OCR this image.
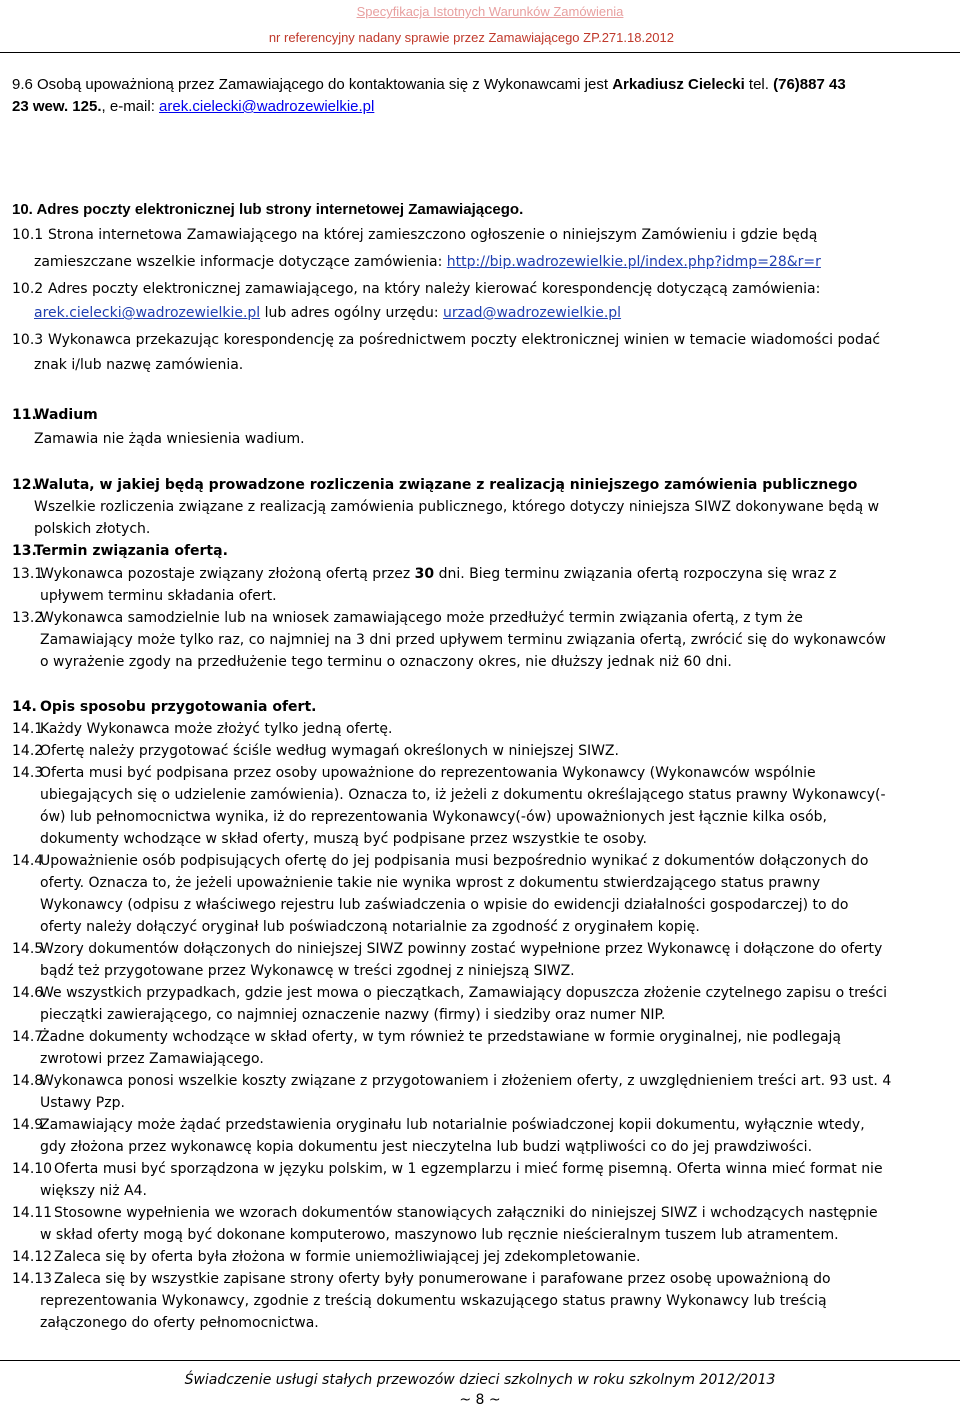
Specyfikacja Istotnych Warunków Zamówienia
nr referencyjny nadany sprawie przez Zamawiającego ZP.271.18.2012
9.6 Osobą upoważnioną przez Zamawiającego do kontaktowania się z Wykonawcami jest Arkadiusz Cielecki tel. (76)887 43
23 wew. 125., e-mail: arek.cielecki@wadrozewielkie.pl
10. Adres poczty elektronicznej lub strony internetowej Zamawiającego.
10.1 Strona internetowa Zamawiającego na której zamieszczono ogłoszenie o niniejszym Zamówieniu i gdzie będą
zamieszczane wszelkie informacje dotyczące zamówienia: http://bip.wadrozewielkie.pl/index.php?idmp=28&r=r
10.2 Adres poczty elektronicznej zamawiającego, na który należy kierować korespondencję dotyczącą zamówienia:
arek.cielecki@wadrozewielkie.pl lub adres ogólny urzędu: urzad@wadrozewielkie.pl
10.3 Wykonawca przekazując korespondencję za pośrednictwem poczty elektronicznej winien w temacie wiadomości podać
znak i/lub nazwę zamówienia.
11.
Wadium
Zamawia nie żąda wniesienia wadium.
12.
Waluta, w jakiej będą prowadzone rozliczenia związane z realizacją niniejszego zamówienia publicznego
Wszelkie rozliczenia związane z realizacją zamówienia publicznego, którego dotyczy niniejsza SIWZ dokonywane będą w
polskich złotych.
13.
Termin związania ofertą.
13.1
Wykonawca pozostaje związany złożoną ofertą przez 30 dni. Bieg terminu związania ofertą rozpoczyna się wraz z
upływem terminu składania ofert.
13.2
Wykonawca samodzielnie lub na wniosek zamawiającego może przedłużyć termin związania ofertą, z tym że
Zamawiający może tylko raz, co najmniej na 3 dni przed upływem terminu związania ofertą, zwrócić się do wykonawców
o wyrażenie zgody na przedłużenie tego terminu o oznaczony okres, nie dłuższy jednak niż 60 dni.
14. Opis sposobu przygotowania ofert.
14.1
Każdy Wykonawca może złożyć tylko jedną ofertę.
14.2
Ofertę należy przygotować ściśle według wymagań określonych w niniejszej SIWZ.
14.3
Oferta musi być podpisana przez osoby upoważnione do reprezentowania Wykonawcy (Wykonawców wspólnie
ubiegających się o udzielenie zamówienia). Oznacza to, iż jeżeli z dokumentu określającego status prawny Wykonawcy(-
ów) lub pełnomocnictwa wynika, iż do reprezentowania Wykonawcy(-ów) upoważnionych jest łącznie kilka osób,
dokumenty wchodzące w skład oferty, muszą być podpisane przez wszystkie te osoby.
14.4
Upoważnienie osób podpisujących ofertę do jej podpisania musi bezpośrednio wynikać z dokumentów dołączonych do
oferty. Oznacza to, że jeżeli upoważnienie takie nie wynika wprost z dokumentu stwierdzającego status prawny
Wykonawcy (odpisu z właściwego rejestru lub zaświadczenia o wpisie do ewidencji działalności gospodarczej) to do
oferty należy dołączyć oryginał lub poświadczoną notarialnie za zgodność z oryginałem kopię.
14.5
Wzory dokumentów dołączonych do niniejszej SIWZ powinny zostać wypełnione przez Wykonawcę i dołączone do oferty
bądź też przygotowane przez Wykonawcę w treści zgodnej z niniejszą SIWZ.
14.6
We wszystkich przypadkach, gdzie jest mowa o pieczątkach, Zamawiający dopuszcza złożenie czytelnego zapisu o treści
pieczątki zawierającego, co najmniej oznaczenie nazwy (firmy) i siedziby oraz numer NIP.
14.7
Żadne dokumenty wchodzące w skład oferty, w tym również te przedstawiane w formie oryginalnej, nie podlegają
zwrotowi przez Zamawiającego.
14.8
Wykonawca ponosi wszelkie koszty związane z przygotowaniem i złożeniem oferty, z uwzględnieniem treści art. 93 ust. 4
Ustawy Pzp.
14.9
Zamawiający może żądać przedstawienia oryginału lub notarialnie poświadczonej kopii dokumentu, wyłącznie wtedy,
gdy złożona przez wykonawcę kopia dokumentu jest nieczytelna lub budzi wątpliwości co do jej prawdziwości.
14.10 Oferta musi być sporządzona w języku polskim, w 1 egzemplarzu i mieć formę pisemną. Oferta winna mieć format nie
większy niż A4.
14.11 Stosowne wypełnienia we wzorach dokumentów stanowiących załączniki do niniejszej SIWZ i wchodzących następnie
w skład oferty mogą być dokonane komputerowo, maszynowo lub ręcznie nieścieralnym tuszem lub atramentem.
14.12 Zaleca się by oferta była złożona w formie uniemożliwiającej jej zdekompletowanie.
14.13 Zaleca się by wszystkie zapisane strony oferty były ponumerowane i parafowane przez osobę upoważnioną do
reprezentowania Wykonawcy, zgodnie z treścią dokumentu wskazującego status prawny Wykonawcy lub treścią
załączonego do oferty pełnomocnictwa.
Świadczenie usługi stałych przewozów dzieci szkolnych w roku szkolnym 2012/2013
~ 8 ~
